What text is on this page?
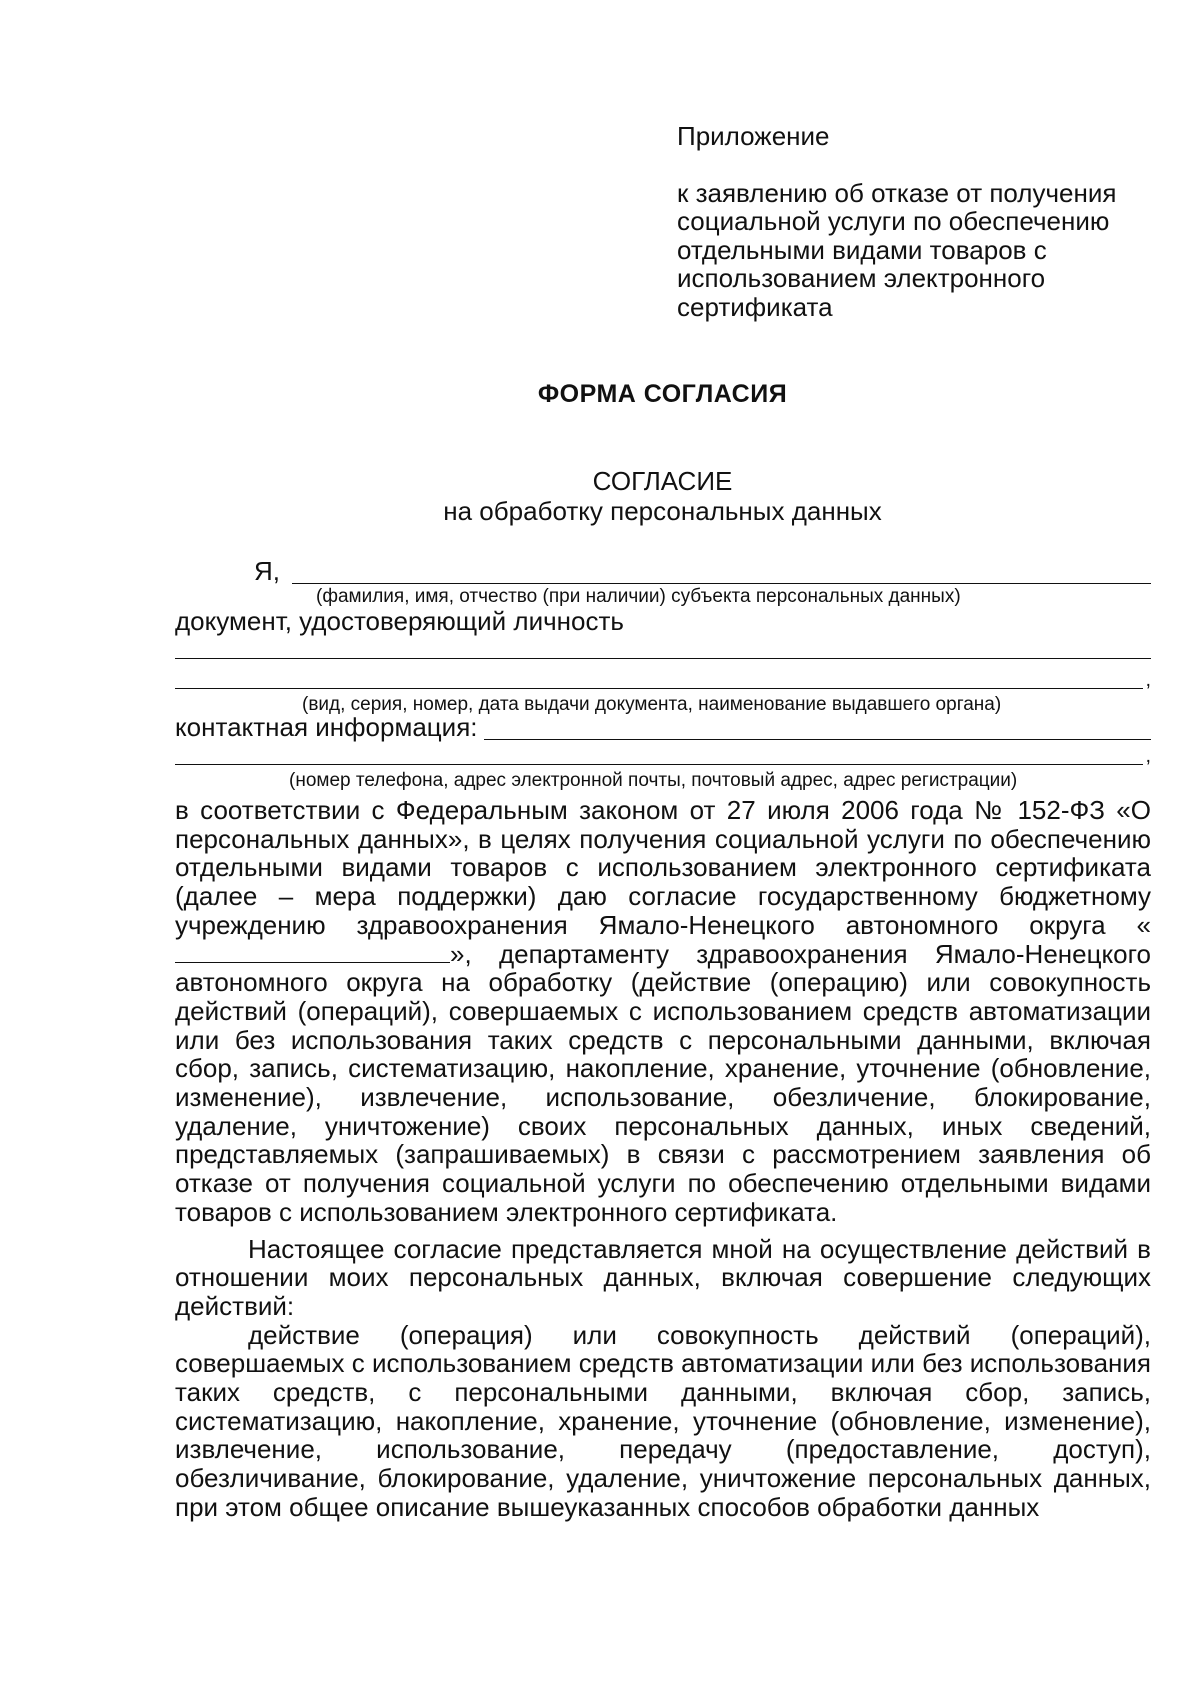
Приложение

к заявлению об отказе от получения социальной услуги по обеспечению отдельными видами товаров с использованием электронного сертификата

ФОРМА СОГЛАСИЯ
СОГЛАСИЕ
на обработку персональных данных
Я,
(фамилия, имя, отчество (при наличии) субъекта персональных данных)
документ, удостоверяющий личность
,
(вид, серия, номер, дата выдачи документа, наименование выдавшего органа)
контактная информация:
,
(номер телефона, адрес электронной почты, почтовый адрес, адрес регистрации)

в соответствии с Федеральным законом от 27 июля 2006 года № 152-ФЗ «О персональных данных», в целях получения социальной услуги по обеспечению отдельными видами товаров с использованием электронного сертификата (далее – мера поддержки) даю согласие государственному бюджетному учреждению здравоохранения Ямало-Ненецкого автономного округа «», департаменту здравоохранения Ямало-Ненецкого автономного округа на обработку (действие (операцию) или совокупность действий (операций), совершаемых с использованием средств автоматизации или без использования таких средств с персональными данными, включая сбор, запись, систематизацию, накопление, хранение, уточнение (обновление, изменение), извлечение, использование, обезличение, блокирование, удаление, уничтожение) своих персональных данных, иных сведений, представляемых (запрашиваемых) в связи с рассмотрением заявления об отказе от получения социальной услуги по обеспечению отдельными видами товаров с использованием электронного сертификата.

Настоящее согласие представляется мной на осуществление действий в отношении моих персональных данных, включая совершение следующих действий:

действие (операция) или совокупность действий (операций), совершаемых с использованием средств автоматизации или без использования таких средств, с персональными данными, включая сбор, запись, систематизацию, накопление, хранение, уточнение (обновление, изменение), извлечение, использование, передачу (предоставление, доступ), обезличивание, блокирование, удаление, уничтожение персональных данных, при этом общее описание вышеуказанных способов обработки данных
